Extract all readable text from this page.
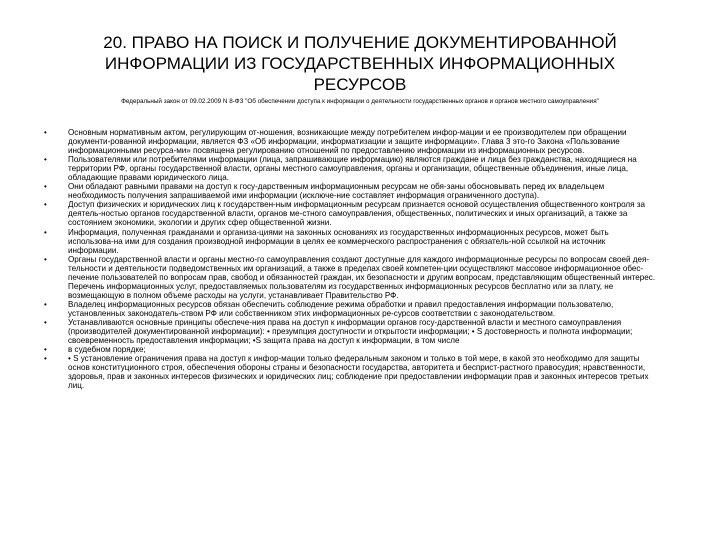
20. ПРАВО НА ПОИСК И ПОЛУЧЕНИЕ ДОКУМЕНТИРОВАННОЙ ИНФОРМАЦИИ ИЗ ГОСУДАРСТВЕННЫХ ИНФОРМАЦИОННЫХ РЕСУРСОВ
Федеральный закон от 09.02.2009 N 8-ФЗ "Об обеспечении доступа к информации о деятельности государственных органов и органов местного самоуправления"
•	Основным нормативным актом, регулирующим от-ношения, возникающие между потребителем инфор-мации и ее производителем при обращении документи-рованной информации, является ФЗ «Об информации, информатизации и защите информации». Глава 3 это-го Закона «Пользование информационными ресурса-ми» посвящена регулированию отношений по предоставлению информации из информационных ресурсов.
•	Пользователями или потребителями информации (лица, запрашивающие информацию) являются граждане и лица без гражданства, находящиеся на территории РФ, органы государственной власти, органы местного самоуправления, органы и организации, общественные объединения, иные лица, обладающие правами юридического лица.
•	Они обладают равными правами на доступ к госу-дарственным информационным ресурсам не обя-заны обосновывать перед их владельцем необходимость получения запрашиваемой ими информации (исключе-ние составляет информация ограниченного доступа).
•	Доступ физических и юридических лиц к государствен-ным информационным ресурсам признается основой осуществления общественного контроля за деятель-ностью органов государственной власти, органов ме-стного самоуправления, общественных, политических и иных организаций, а также за состоянием экономики, экологии и других сфер общественной жизни.
•	Информация, полученная гражданами и организа-циями на законных основаниях из государственных информационных ресурсов, может быть использова-на ими для создания производной информации в целях ее коммерческого распространения с обязатель-ной ссылкой на источник информации.
•	Органы государственной власти и органы местно-го самоуправления создают доступные для каждого информационные ресурсы по вопросам своей дея-тельности и деятельности подведомственных им организаций, а также в пределах своей компетен-ции осуществляют массовое информационное обес-печение пользователей по вопросам прав, свобод и обязанностей граждан, их безопасности и другим вопросам, представляющим общественный интерес. Перечень информационных услуг, предоставляемых пользователям из государственных информационных ресурсов бесплатно или за плату, не возмещающую в полном объеме расходы на услуги, устанавливает Правительство РФ.
•	Владелец информационных ресурсов обязан обеспечить соблюдение режима обработки и правил предоставления информации пользователю, установленных законодатель-ством РФ или собственником этих информационных ре-сурсов соответствии с законодательством.
•	Устанавливаются основные принципы обеспече-ния права на доступ к информации органов госу-дарственной власти и местного самоуправления (производителей документированной информации): • презумпция доступности и открытости информации; • S достоверность и полнота информации; своевременность предоставления информации; •S защита права на доступ к информации, в том числе
•	в судебном порядке;
•	• S установление ограничения права на доступ к инфор-мации только федеральным законом и только в той мере, в какой это необходимо для защиты основ конституционного строя, обеспечения обороны страны и безопасности государства, авторитета и бесприст-растного правосудия; нравственности, здоровья, прав и законных интересов физических и юридических лиц; соблюдение при предоставлении информации прав и законных интересов третьих лиц.
